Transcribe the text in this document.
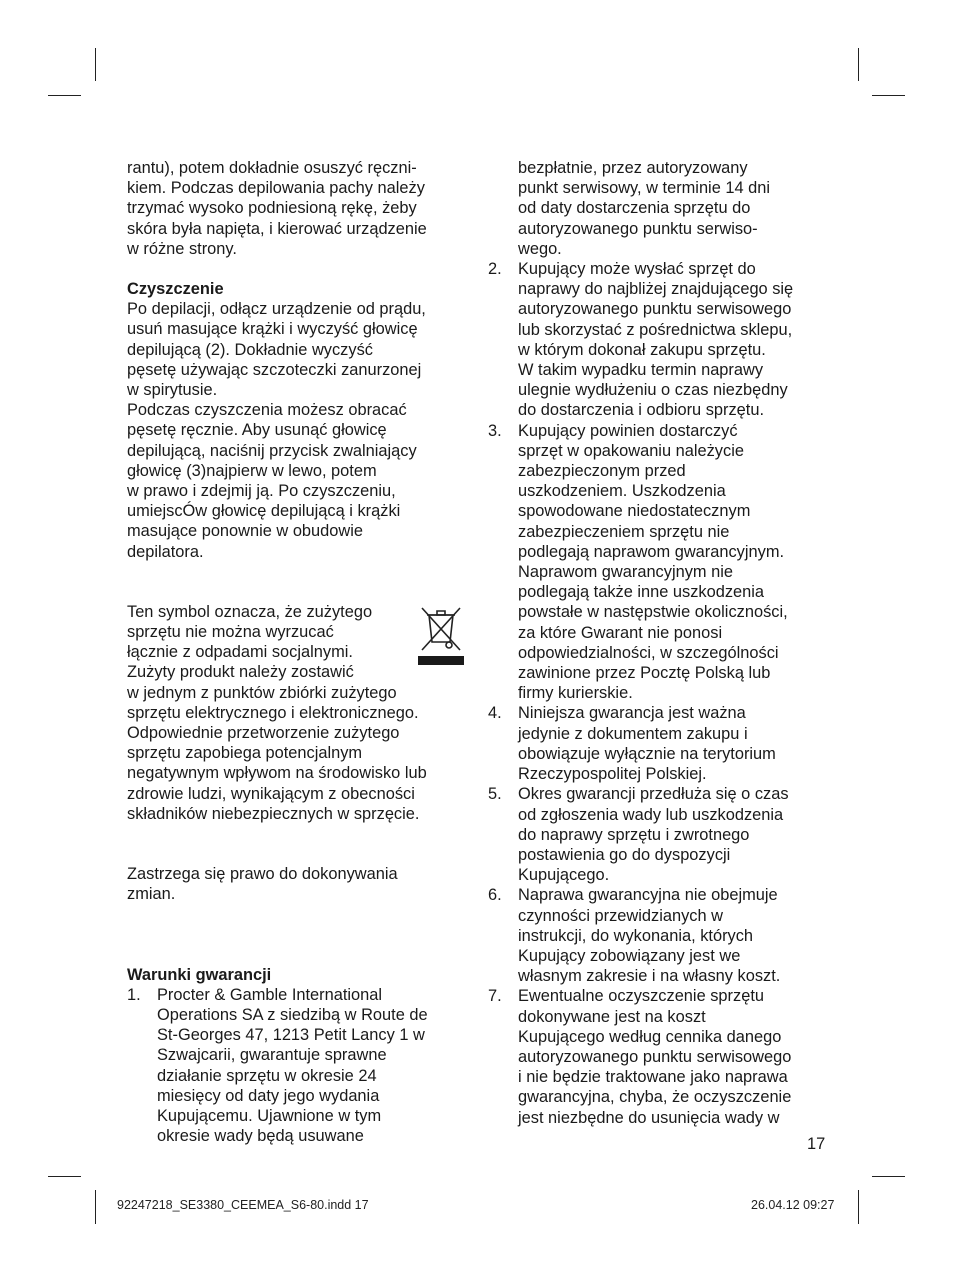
rantu), potem dokładnie osuszyć ręczni-
kiem. Podczas depilowania pachy należy
trzymać wysoko podniesioną rękę, żeby
skóra była napięta, i kierować urządzenie
w różne strony.

Czyszczenie

Po depilacji, odłącz urządzenie od prądu,
usuń masujące krążki i wyczyść głowicę
depilującą (2). Dokładnie wyczyść
pęsetę używając szczoteczki zanurzonej
w spirytusie.

Podczas czyszczenia możesz obracać
pęsetę ręcznie. Aby usunąć głowicę
depilującą, naciśnij przycisk zwalniający
głowicę (3)najpierw w lewo, potem
w prawo i zdejmij ją. Po czyszczeniu,
umiejscÓw głowicę depilującą i krążki
masujące ponownie w obudowie
depilatora.

Ten symbol oznacza, że zużytego
sprzętu nie można wyrzucać
łącznie z odpadami socjalnymi.
Zużyty produkt należy zostawić

w jednym z punktów zbiórki zużytego
sprzętu elektrycznego i elektronicznego.
Odpowiednie przetworzenie zużytego
sprzętu zapobiega potencjalnym
negatywnym wpływom na środowisko lub
zdrowie ludzi, wynikającym z obecności
składników niebezpiecznych w sprzęcie.

Zastrzega się prawo do dokonywania
zmian.

Warunki gwarancji

1. Procter & Gamble International
Operations SA z siedzibą w Route de
St-Georges 47, 1213 Petit Lancy 1 w
Szwajcarii, gwarantuje sprawne
działanie sprzętu w okresie 24
miesięcy od daty jego wydania
Kupującemu. Ujawnione w tym
okresie wady będą usuwane

bezpłatnie, przez autoryzowany
punkt serwisowy, w terminie 14 dni
od daty dostarczenia sprzętu do
autoryzowanego punktu serwiso-
wego.

2. Kupujący może wysłać sprzęt do
naprawy do najbliżej znajdującego się
autoryzowanego punktu serwisowego
lub skorzystać z pośrednictwa sklepu,
w którym dokonał zakupu sprzętu.
W takim wypadku termin naprawy
ulegnie wydłużeniu o czas niezbędny
do dostarczenia i odbioru sprzętu.
3. Kupujący powinien dostarczyć
sprzęt w opakowaniu należycie
zabezpieczonym przed
uszkodzeniem. Uszkodzenia
spowodowane niedostatecznym
zabezpieczeniem sprzętu nie
podlegają naprawom gwarancyjnym.
Naprawom gwarancyjnym nie
podlegają także inne uszkodzenia
powstałe w następstwie okoliczności,
za które Gwarant nie ponosi
odpowiedzialności, w szczególności
zawinione przez Pocztę Polską lub
firmy kurierskie.
4. Niniejsza gwarancja jest ważna
jedynie z dokumentem zakupu i
obowiązuje wyłącznie na terytorium
Rzeczypospolitej Polskiej.
5. Okres gwarancji przedłuża się o czas
od zgłoszenia wady lub uszkodzenia
do naprawy sprzętu i zwrotnego
postawienia go do dyspozycji
Kupującego.
6. Naprawa gwarancyjna nie obejmuje
czynności przewidzianych w
instrukcji, do wykonania, których
Kupujący zobowiązany jest we
własnym zakresie i na własny koszt.
7. Ewentualne oczyszczenie sprzętu
dokonywane jest na koszt
Kupującego według cennika danego
autoryzowanego punktu serwisowego
i nie będzie traktowane jako naprawa
gwarancyjna, chyba, że oczyszczenie
jest niezbędne do usunięcia wady w
17
92247218_SE3380_CEEMEA_S6-80.indd 17	26.04.12 09:27
